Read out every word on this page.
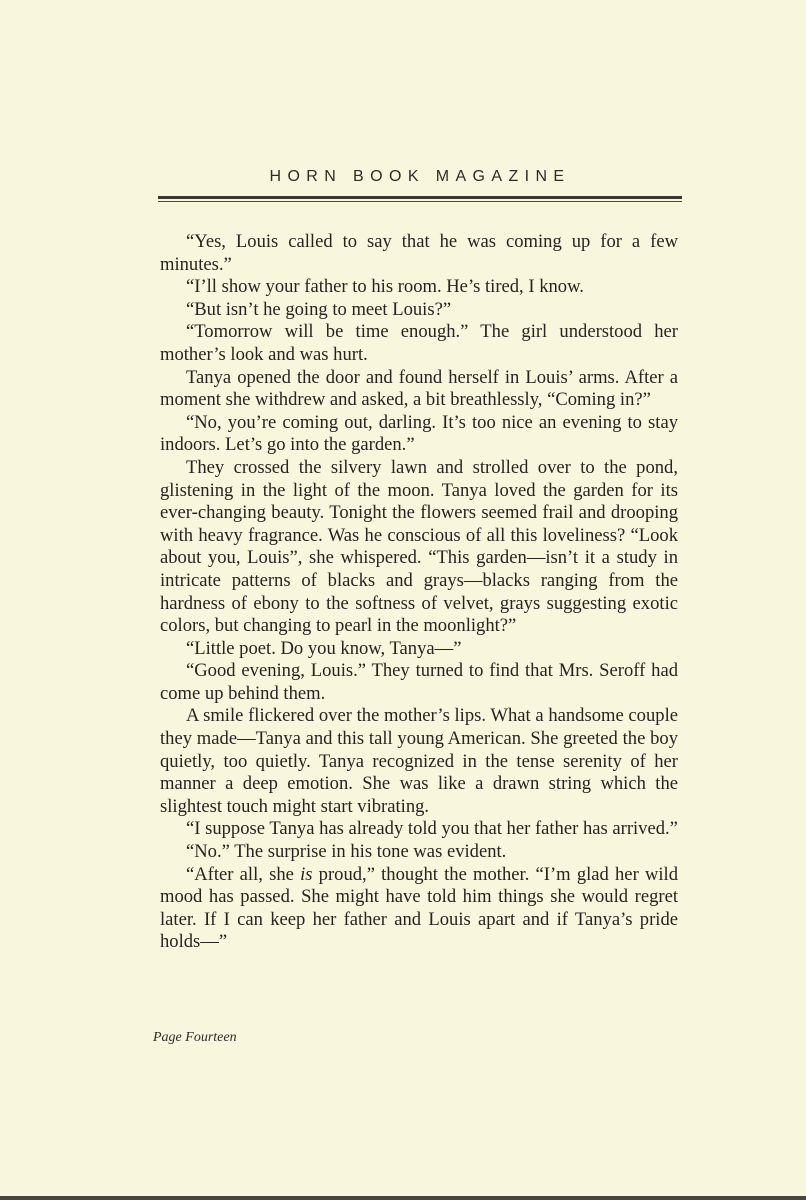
HORN BOOK MAGAZINE

“Yes, Louis called to say that he was coming up for a few minutes.”

“I’ll show your father to his room. He’s tired, I know.

“But isn’t he going to meet Louis?”

“Tomorrow will be time enough.” The girl understood her mother’s look and was hurt.

Tanya opened the door and found herself in Louis’ arms. After a moment she withdrew and asked, a bit breathlessly, “Coming in?”

“No, you’re coming out, darling. It’s too nice an evening to stay indoors. Let’s go into the garden.”

They crossed the silvery lawn and strolled over to the pond, glistening in the light of the moon. Tanya loved the garden for its ever-changing beauty. Tonight the flowers seemed frail and drooping with heavy fragrance. Was he conscious of all this loveliness? “Look about you, Louis”, she whispered. “This garden—isn’t it a study in intricate patterns of blacks and grays—blacks ranging from the hardness of ebony to the softness of velvet, grays suggesting exotic colors, but changing to pearl in the moonlight?”

“Little poet. Do you know, Tanya—”

“Good evening, Louis.” They turned to find that Mrs. Seroff had come up behind them.

A smile flickered over the mother’s lips. What a handsome couple they made—Tanya and this tall young American. She greeted the boy quietly, too quietly. Tanya recognized in the tense serenity of her manner a deep emotion. She was like a drawn string which the slightest touch might start vibrating.

“I suppose Tanya has already told you that her father has arrived.”

“No.” The surprise in his tone was evident.

“After all, she is proud,” thought the mother. “I’m glad her wild mood has passed. She might have told him things she would regret later. If I can keep her father and Louis apart and if Tanya’s pride holds—”

Page Fourteen
